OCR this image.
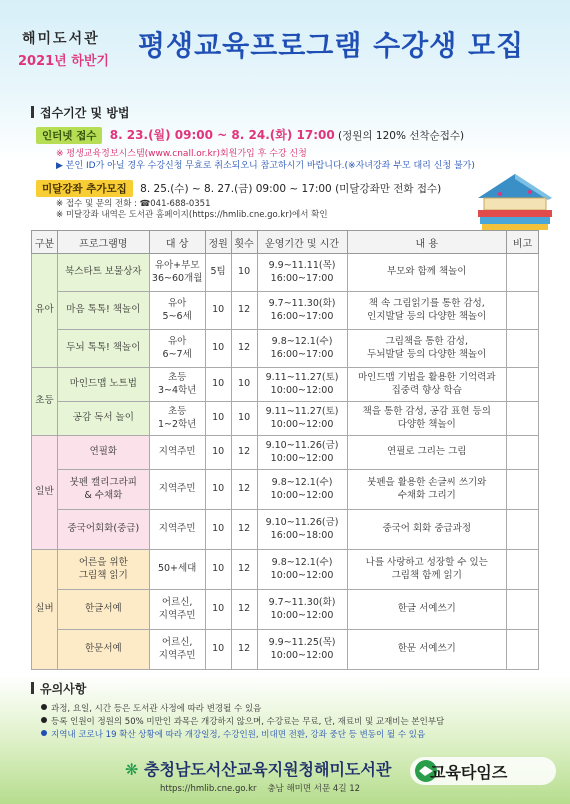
해미도서관
2021년 하반기 평생교육프로그램 수강생 모집
접수기간 및 방법
인터넷 접수 8. 23.(월) 09:00 ~ 8. 24.(화) 17:00 (정원의 120% 선착순접수)
※ 평생교육정보시스템(www.cnall.or.kr)회원가입 후 수강 신청
▶ 본인 ID가 아닐 경우 수강신청 무효로 취소되오니 참고하시기 바랍니다.(※자녀강좌 부모 대리 신청 불가)
미달강좌 추가모집 8. 25.(수) ~ 8. 27.(금) 09:00 ~ 17:00 (미달강좌만 전화 접수)
※ 접수 및 문의 전화 : ☎041-688-0351
※ 미달강좌 내역은 도서관 홈페이지(https://hmlib.cne.go.kr)에서 확인
구분	프로그램명	대 상	정원	횟수	운영기간 및 시간	내 용	비고
유아	북스타트 보물상자	유아+부모
36~60개월	5팀	10	9.9~11.11(목)
16:00~17:00	부모와 함께 책놀이	
	마음 톡톡! 책놀이	유아
5~6세	10	12	9.7~11.30(화)
16:00~17:00	책 속 그림읽기를 통한 감성,
인지발달 등의 다양한 책놀이	
	두뇌 톡톡! 책놀이	유아
6~7세	10	12	9.8~12.1(수)
16:00~17:00	그림책을 통한 감성,
두뇌발달 등의 다양한 책놀이	
초등	마인드맵 노트법	초등
3~4학년	10	10	9.11~11.27(토)
10:00~12:00	마인드맵 기법을 활용한 기억력과
집중력 향상 학습	
	공감 독서 놀이	초등
1~2학년	10	10	9.11~11.27(토)
10:00~12:00	책을 통한 감성, 공감 표현 등의
다양한 책놀이	
일반	연필화	지역주민	10	12	9.10~11.26(금)
10:00~12:00	연필로 그리는 그림	
	붓펜 캘리그라피
& 수채화	지역주민	10	12	9.8~12.1(수)
10:00~12:00	붓펜을 활용한 손글씨 쓰기와
수채화 그리기	
	중국어회화(중급)	지역주민	10	12	9.10~11.26(금)
16:00~18:00	중국어 회화 중급과정	
실버	어른을 위한
그림책 읽기	50+세대	10	12	9.8~12.1(수)
10:00~12:00	나를 사랑하고 성장할 수 있는
그림책 함께 읽기	
	한글서예	어르신,
지역주민	10	12	9.7~11.30(화)
10:00~12:00	한글 서예쓰기	
	한문서예	어르신,
지역주민	10	12	9.9~11.25(목)
10:00~12:00	한문 서예쓰기	
유의사항
과정, 요일, 시간 등은 도서관 사정에 따라 변경될 수 있음
등록 인원이 정원의 50% 미만인 과목은 개강하지 않으며, 수강료는 무료, 단, 재료비 및 교재비는 본인부담
지역내 코로나 19 확산 상황에 따라 개강일정, 수강인원, 비대면 전환, 강좌 중단 등 변동이 될 수 있음
❋ 충청남도서산교육지원청해미도서관
https://hmlib.cne.go.kr 충남 해미면 서문 4길 12
교육타임즈
